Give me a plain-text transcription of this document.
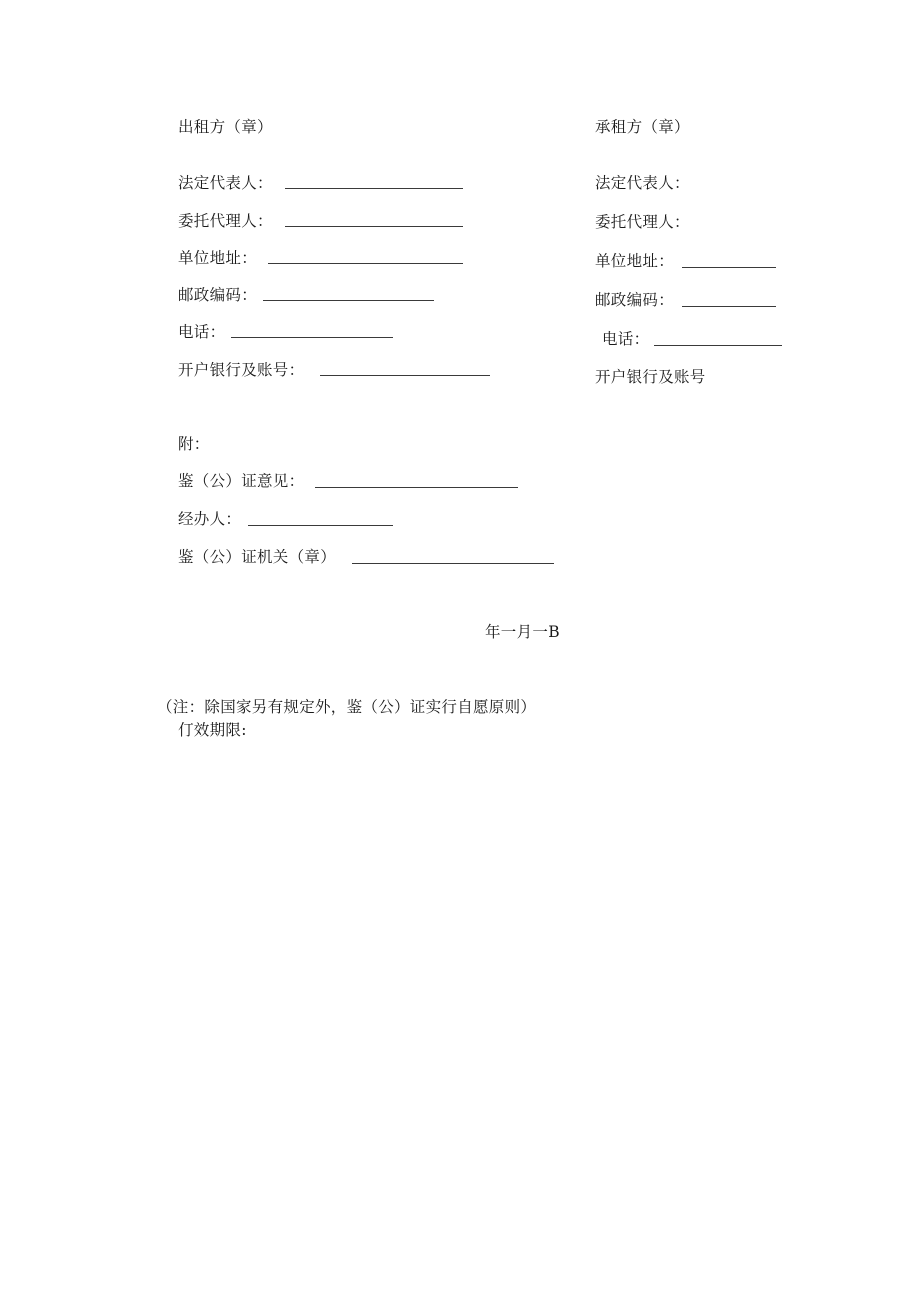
出租方（章）
法定代表人：
委托代理人：
单位地址：
邮政编码：
电话：
开户银行及账号：
承租方（章）
法定代表人：
委托代理人：
单位地址：
邮政编码：
电话：
开户银行及账号
附：
鉴（公）证意见：
经办人：
鉴（公）证机关（章）
年一月一B
（注：除国家另有规定外，鉴（公）证实行自愿原则）
仃效期限:
